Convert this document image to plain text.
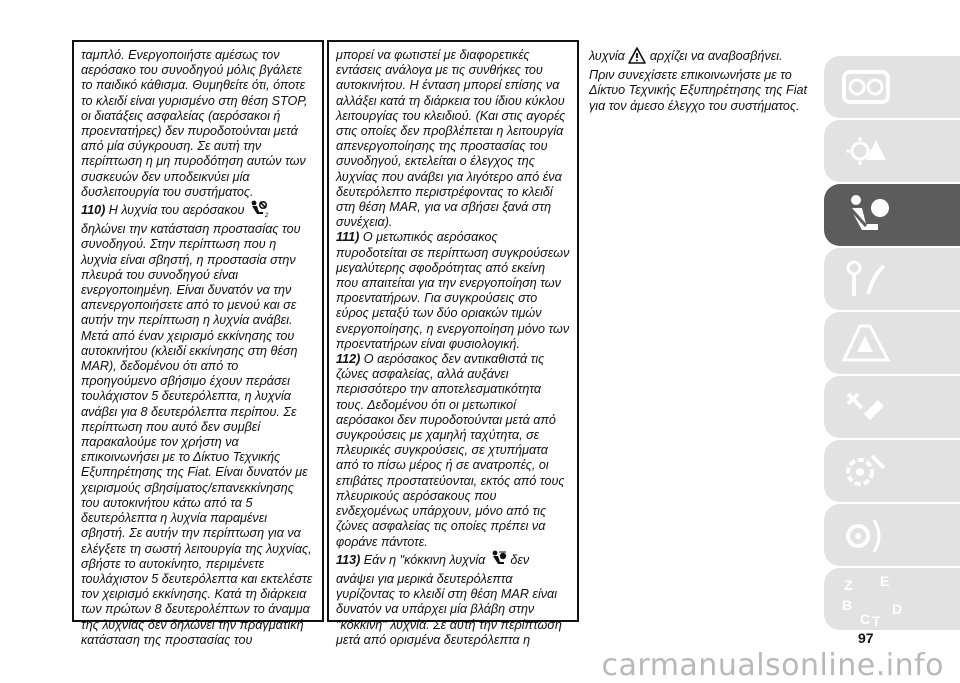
ταμπλό. Ενεργοποιήστε αμέσως τον αερόσακο του συνοδηγού μόλις βγάλετε το παιδικό κάθισμα. Θυμηθείτε ότι, όποτε το κλειδί είναι γυρισμένο στη θέση STOP, οι διατάξεις ασφαλείας (αερόσακοι ή προεντατήρες) δεν πυροδοτούνται μετά από μία σύγκρουση. Σε αυτή την περίπτωση η μη πυροδότηση αυτών των συσκευών δεν υποδεικνύει μία δυσλειτουργία του συστήματος.

110) Η λυχνία του αερόσακου	2
δηλώνει την κατάσταση προστασίας του συνοδηγού. Στην περίπτωση που η λυχνία είναι σβηστή, η προστασία στην πλευρά του συνοδηγού είναι ενεργοποιημένη. Είναι δυνατόν να την απενεργοποιήσετε από το μενού και σε αυτήν την περίπτωση η λυχνία ανάβει. Μετά από έναν χειρισμό εκκίνησης του αυτοκινήτου (κλειδί εκκίνησης στη θέση MAR), δεδομένου ότι από το προηγούμενο σβήσιμο έχουν περάσει τουλάχιστον 5 δευτερόλεπτα, η λυχνία ανάβει για 8 δευτερόλεπτα περίπου. Σε περίπτωση που αυτό δεν συμβεί παρακαλούμε τον χρήστη να επικοινωνήσει με το Δίκτυο Τεχνικής Εξυπηρέτησης της Fiat. Είναι δυνατόν με χειρισμούς σβησίματος/επανεκκίνησης του αυτοκινήτου κάτω από τα 5 δευτερόλεπτα η λυχνία παραμένει σβηστή. Σε αυτήν την περίπτωση για να ελέγξετε τη σωστή λειτουργία της λυχνίας, σβήστε το αυτοκίνητο, περιμένετε τουλάχιστον 5 δευτερόλεπτα και εκτελέστε τον χειρισμό εκκίνησης. Κατά τη διάρκεια των πρώτων 8 δευτερολέπτων το άναμμα της λυχνίας δεν δηλώνει την πραγματική κατάσταση της προστασίας του

μπορεί να φωτιστεί με διαφορετικές εντάσεις ανάλογα με τις συνθήκες του αυτοκινήτου. Η ένταση μπορεί επίσης να αλλάξει κατά τη διάρκεια του ίδιου κύκλου λειτουργίας του κλειδιού. (Και στις αγορές στις οποίες δεν προβλέπεται η λειτουργία απενεργοποίησης της προστασίας του συνοδηγού, εκτελείται ο έλεγχος της λυχνίας που ανάβει για λιγότερο από ένα δευτερόλεπτο περιστρέφοντας το κλειδί στη θέση MAR, για να σβήσει ξανά στη συνέχεια).

111) Ο μετωπικός αερόσακος πυροδοτείται σε περίπτωση συγκρούσεων μεγαλύτερης σφοδρότητας από εκείνη που απαιτείται για την ενεργοποίηση των προεντατήρων. Για συγκρούσεις στο εύρος μεταξύ των δύο οριακών τιμών ενεργοποίησης, η ενεργοποίηση μόνο των προεντατήρων είναι φυσιολογική.

112) Ο αερόσακος δεν αντικαθιστά τις ζώνες ασφαλείας, αλλά αυξάνει περισσότερο την αποτελεσματικότητα τους. Δεδομένου ότι οι μετωπικοί αερόσακοι δεν πυροδοτούνται μετά από συγκρούσεις με χαμηλή ταχύτητα, σε πλευρικές συγκρούσεις, σε χτυπήματα από το πίσω μέρος ή σε ανατροπές, οι επιβάτες προστατεύονται, εκτός από τους πλευρικούς αερόσακους που ενδεχομένως υπάρχουν, μόνο από τις ζώνες ασφαλείας τις οποίες πρέπει να φοράνε πάντοτε.

113) Εάν η "κόκκινη λυχνία δεν ανάψει για μερικά δευτερόλεπτα γυρίζοντας το κλειδί στη θέση MAR είναι δυνατόν να υπάρχει μία βλάβη στην "κόκκινη" λυχνία. Σε αυτή την περίπτωση μετά από ορισμένα δευτερόλεπτα η

λυχνία αρχίζει να αναβοσβήνει. Πριν συνεχίσετε επικοινωνήστε με το Δίκτυο Τεχνικής Εξυπηρέτησης της Fiat για τον άμεσο έλεγχο του συστήματος.

Z E
B
C T
D
97
carmanualsonline.info
